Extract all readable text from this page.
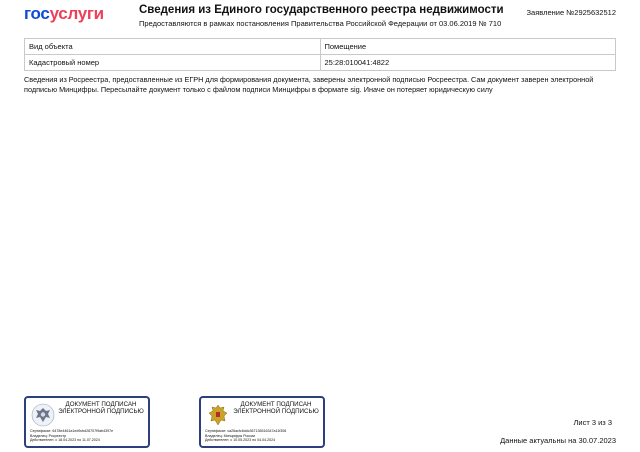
госуслуги	Сведения из Единого государственного реестра недвижимости
Предоставляются в рамках постановления Правительства Российской Федерации от 03.06.2019 № 710
Заявление №2925632512
Вид объекта	Помещение
Кадастровый номер	25:28:010041:4822
Сведения из Росреестра, предоставленные из ЕГРН для формирования документа, заверены электронной подписью Росреестра. Сам документ заверен электронной подписью Минцифры. Пересылайте документ только с файлом подписи Минцифры в формате sig. Иначе он потеряет юридическую силу
ДОКУМЕНТ ПОДПИСАН ЭЛЕКТРОННОЙ ПОДПИСЬЮ
Сертификат: 6478e4461a1ed9cbd28707f9ab4397e
Владелец: Росреестр
Действителен: с 18.04.2023 по 11.07.2024
ДОКУМЕНТ ПОДПИСАН ЭЛЕКТРОННОЙ ПОДПИСЬЮ
Сертификат: ca26acfc6ddc367136516347a11f308
Владелец: Минцифры России
Действителен: с 10.05.2023 по 04.04.2024
Лист 3 из 3
Данные актуальны на 30.07.2023
